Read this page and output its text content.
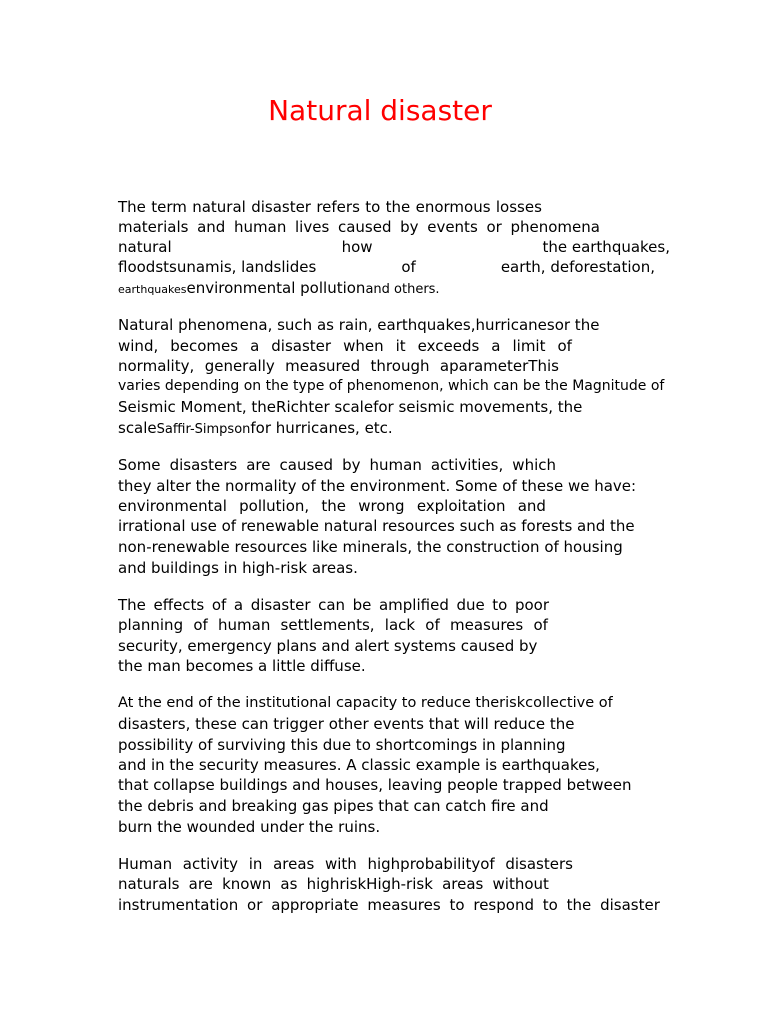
Natural disaster
The term natural disaster refers to the enormous losses
materials and human lives caused by events or phenomena
natural	how	the earthquakes,
floodstsunamis, landslides	of	earth, deforestation,
earthquakesenvironmental pollutionand others.
Natural phenomena, such as rain, earthquakes,hurricanesor the
wind, becomes a disaster when it exceeds a limit of
normality, generally measured through aparameterThis
varies depending on the type of phenomenon, which can be the Magnitude of
Seismic Moment, theRichter scalefor seismic movements, the
scaleSaffir-Simpsonfor hurricanes, etc.
Some disasters are caused by human activities, which
they alter the normality of the environment. Some of these we have:
environmental pollution, the wrong exploitation and
irrational use of renewable natural resources such as forests and the
non-renewable resources like minerals, the construction of housing
and buildings in high-risk areas.
The effects of a disaster can be amplified due to poor
planning of human settlements, lack of measures of
security, emergency plans and alert systems caused by
the man becomes a little diffuse.
At the end of the institutional capacity to reduce theriskcollective of
disasters, these can trigger other events that will reduce the
possibility of surviving this due to shortcomings in planning
and in the security measures. A classic example is earthquakes,
that collapse buildings and houses, leaving people trapped between
the debris and breaking gas pipes that can catch fire and
burn the wounded under the ruins.
Human activity in areas with highprobabilityof disasters
naturals are known as highriskHigh-risk areas without
instrumentation or appropriate measures to respond to the disaster
